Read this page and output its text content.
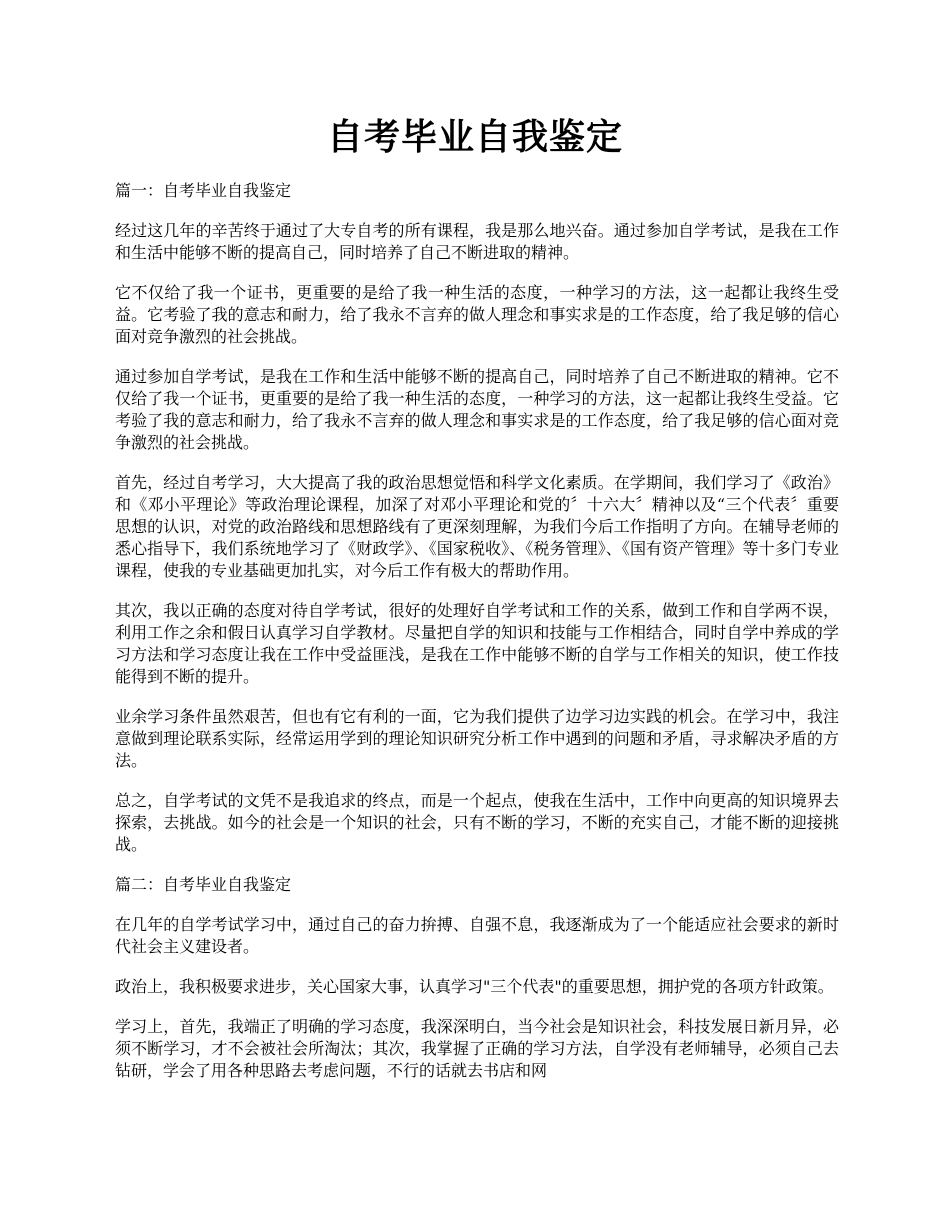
自考毕业自我鉴定

篇一：自考毕业自我鉴定

经过这几年的辛苦终于通过了大专自考的所有课程，我是那么地兴奋。通过参加自学考试，是我在工作和生活中能够不断的提高自己，同时培养了自己不断进取的精神。

它不仅给了我一个证书，更重要的是给了我一种生活的态度，一种学习的方法，这一起都让我终生受益。它考验了我的意志和耐力，给了我永不言弃的做人理念和事实求是的工作态度，给了我足够的信心面对竞争激烈的社会挑战。

通过参加自学考试，是我在工作和生活中能够不断的提高自己，同时培养了自己不断进取的精神。它不仅给了我一个证书，更重要的是给了我一种生活的态度，一种学习的方法，这一起都让我终生受益。它考验了我的意志和耐力，给了我永不言弃的做人理念和事实求是的工作态度，给了我足够的信心面对竞争激烈的社会挑战。

首先，经过自考学习，大大提高了我的政治思想觉悟和科学文化素质。在学期间，我们学习了《政治》和《邓小平理论》等政治理论课程，加深了对邓小平理论和党的〞十六大〞精神以及“三个代表〞重要思想的认识，对党的政治路线和思想路线有了更深刻理解，为我们今后工作指明了方向。在辅导老师的悉心指导下，我们系统地学习了《财政学》、《国家税收》、《税务管理》、《国有资产管理》等十多门专业课程，使我的专业基础更加扎实，对今后工作有极大的帮助作用。

其次，我以正确的态度对待自学考试，很好的处理好自学考试和工作的关系，做到工作和自学两不误，利用工作之余和假日认真学习自学教材。尽量把自学的知识和技能与工作相结合，同时自学中养成的学习方法和学习态度让我在工作中受益匪浅，是我在工作中能够不断的自学与工作相关的知识，使工作技能得到不断的提升。

业余学习条件虽然艰苦，但也有它有利的一面，它为我们提供了边学习边实践的机会。在学习中，我注意做到理论联系实际，经常运用学到的理论知识研究分析工作中遇到的问题和矛盾，寻求解决矛盾的方法。

总之，自学考试的文凭不是我追求的终点，而是一个起点，使我在生活中，工作中向更高的知识境界去探索，去挑战。如今的社会是一个知识的社会，只有不断的学习，不断的充实自己，才能不断的迎接挑战。

篇二：自考毕业自我鉴定

在几年的自学考试学习中，通过自己的奋力拚搏、自强不息，我逐渐成为了一个能适应社会要求的新时代社会主义建设者。

政治上，我积极要求进步，关心国家大事，认真学习"三个代表"的重要思想，拥护党的各项方针政策。

学习上，首先，我端正了明确的学习态度，我深深明白，当今社会是知识社会，科技发展日新月异，必须不断学习，才不会被社会所淘汰；其次，我掌握了正确的学习方法，自学没有老师辅导，必须自己去钻研，学会了用各种思路去考虑问题，不行的话就去书店和网
